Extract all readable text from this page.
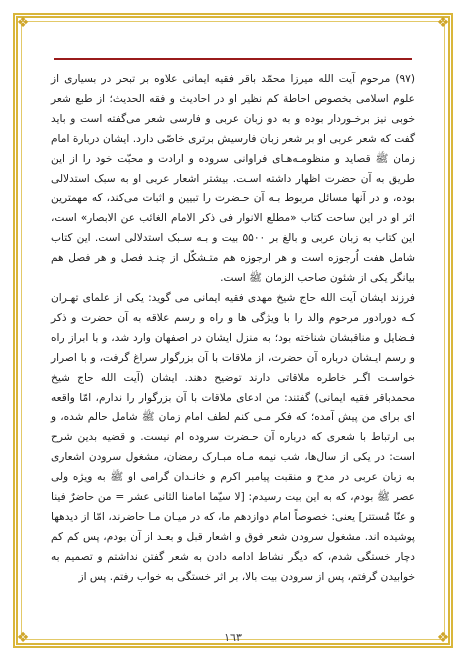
❖	❖
❖	❖

(٩٧) مرحوم آیت الله میرزا محمّد باقر فقیه ایمانی علاوه بر تبحر در بسیاری از علوم اسلامی بخصوص احاطة کم نظیر او در احادیث و فقه الحدیث؛ از طبع شعر خوبی نیز برخـوردار بوده و به دو زبان عربی و فارسی شعر می‌گفته است و باید گفت که شعر عربی او بر شعر زبان فارسیش برتری خاصّی دارد. ایشان دربارة امام زمان ﷺ قصاید و منظومـه‌هـای فراوانی سروده و ارادت و محبّت خود را از این طریق به آن حضرت اظهار داشته اسـت. بیشتر اشعار عربی او به سبک استدلالی بوده، و در آنها مسائل مربوط بـه آن حـضرت را تبیین و اثبات می‌کند، که مهمترین اثر او در این ساحت کتاب «مطلع الانوار فی ذکر الامام الغائب عن الابصار» است، این کتاب به زبان عربی و بالغ بر ۵۵۰۰ بیت و بـه سـبک استدلالی است. این کتاب شامل هفت اُرجوزه است و هر ارجوزه هم متـشکّل از چنـد فصل و هر فصل هم بیانگر یکی از شئون صاحب الزمان ﷺ است.

فرزند ایشان آیت الله حاج شیخ مهدی فقیه ایمانی می گوید: یکی از علمای تهـران کـه دورادور مرحوم والد را با ویژگی ها و راه و رسم علاقه به آن حضرت و ذکر فـضایل و مناقبشان شناخته بود؛ به منزل ایشان در اصفهان وارد شد، و با ابراز راه و رسم ایـشان درباره آن حضرت، از ملاقات با آن بزرگوار سراغ گرفت، و با اصرار خواسـت اگـر خاطره ملاقاتی دارند توضیح دهند. ایشان (آیت الله حاج شیخ محمدباقر فقیه ایمانی) گفتند: من ادعای ملاقات با آن بزرگوار را ندارم، امّا واقعه ای برای من پیش آمده؛ که فکر مـی کنم لطف امام زمان ﷺ شامل حالم شده، و بی ارتباط با شعری که درباره آن حـضرت سروده ام نیست. و قضیه بدین شرح است: در یکی از سال‌ها، شب نیمه مـاه مبـارک رمضان، مشغول سرودن اشعاری به زبان عربی در مدح و منقبت پیامبر اکرم و خانـدان گرامی او ﷺ به ویژه ولی عصر ﷺ بودم، که به این بیت رسیدم: [لا سیّما امامنا الثانی عشر = من حاضرٌ فینا و عنّا مُستتر] یعنی: خصوصاً امام دوازدهم ما، که در میـان مـا حاضرند، امّا از دیدهها پوشیده اند. مشغول سرودن شعر فوق و اشعار قبل و بعـد از آن بودم، پس کم کم دچار خستگی شدم، که دیگر نشاط ادامه دادن به شعر گفتن نداشتم و تصمیم به خوابیدن گرفتم، پس از سرودن بیت بالا، بر اثر خستگی به خواب رفتم. پس از

١٦٣
